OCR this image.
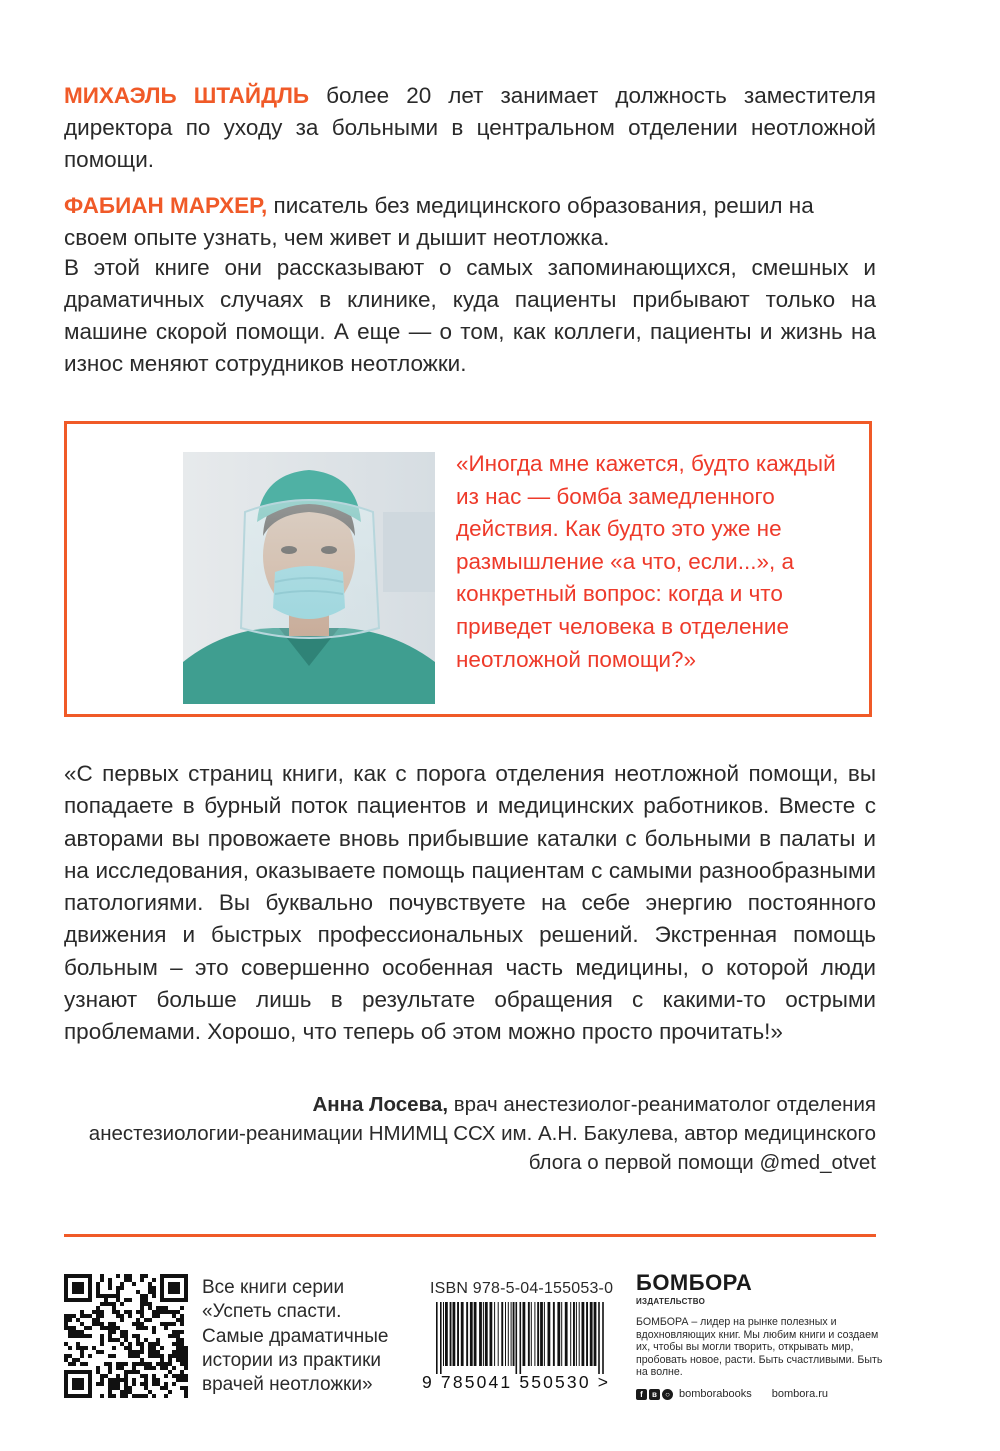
МИХАЭЛЬ ШТАЙДЛЬ более 20 лет занимает должность заместителя директора по уходу за больными в центральном отделении неотложной помощи.

ФАБИАН МАРХЕР, писатель без медицинского образования, решил на своем опыте узнать, чем живет и дышит неотложка.

В этой книге они рассказывают о самых запоминающихся, смешных и драматичных случаях в клинике, куда пациенты прибывают только на машине скорой помощи. А еще — о том, как коллеги, пациенты и жизнь на износ меняют сотрудников неотложки.

«Иногда мне кажется, будто каждый из нас — бомба замедленного действия. Как будто это уже не размышление «а что, если...», а конкретный вопрос: когда и что приведет человека в отделение неотложной помощи?»

«С первых страниц книги, как с порога отделения неотложной помощи, вы попадаете в бурный поток пациентов и медицинских работников. Вместе с авторами вы провожаете вновь прибывшие каталки с больными в палаты и на исследования, оказываете помощь пациентам с самыми разнообразными патологиями. Вы буквально почувствуете на себе энергию постоянного движения и быстрых профессиональных решений. Экстренная помощь больным – это совершенно особенная часть медицины, о которой люди узнают больше лишь в результате обращения с какими-то острыми проблемами. Хорошо, что теперь об этом можно просто прочитать!»

Анна Лосева, врач анестезиолог-реаниматолог отделения

анестезиологии-реанимации НМИМЦ ССХ им. А.Н. Бакулева, автор медицинского

блога о первой помощи @med_otvet

Все книги серии «Успеть спасти. Самые драматичные истории из практики врачей неотложки»

ISBN 978-5-04-155053-0
9 785041 550530 >
БОМБОРА
ИЗДАТЕЛЬСТВО

БОМБОРА – лидер на рынке полезных и вдохновляющих книг. Мы любим книги и создаем их, чтобы вы могли творить, открывать мир, пробовать новое, расти. Быть счастливыми. Быть на волне.

f	в	○ bomborabooks bombora.ru
